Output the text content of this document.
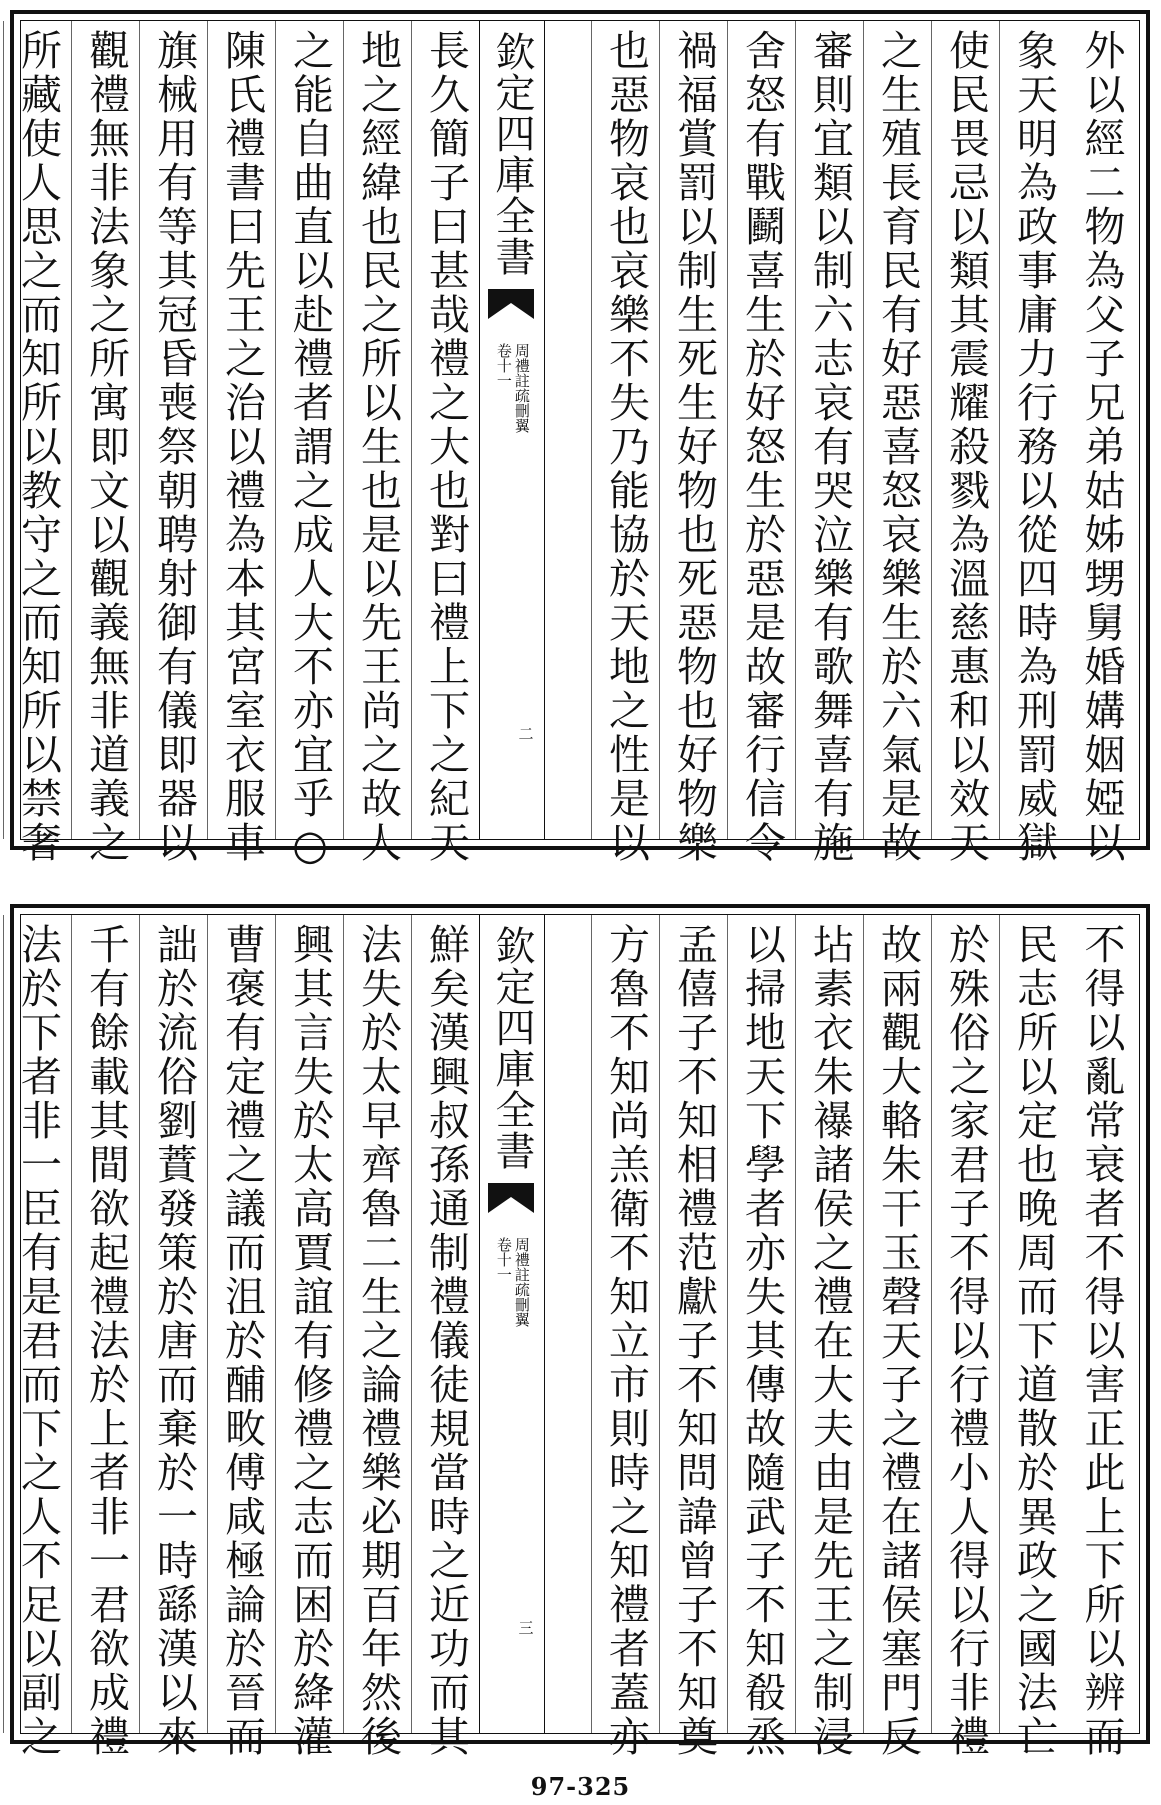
外以經二物為父子兄弟姑姊甥舅婚媾姻婭以
象天明為政事庸力行務以從四時為刑罰威獄
使民畏忌以類其震耀殺戮為溫慈惠和以效天
之生殖長育民有好惡喜怒哀樂生於六氣是故
審則宜類以制六志哀有哭泣樂有歌舞喜有施
舍怒有戰鬬喜生於好怒生於惡是故審行信令
禍福賞罰以制生死生好物也死惡物也好物樂
也惡物哀也哀樂不失乃能協於天地之性是以
長久簡子曰甚哉禮之大也對曰禮上下之紀天
地之經緯也民之所以生也是以先王尚之故人
之能自曲直以赴禮者謂之成人大不亦宜乎○
陳氏禮書曰先王之治以禮為本其宮室衣服車
旗械用有等其冠昏喪祭朝聘射御有儀即器以
觀禮無非法象之所寓即文以觀義無非道義之
所藏使人思之而知所以教守之而知所以禁奢	欽定四庫全書
周禮註疏刪翼
卷十一
二
不得以亂常衰者不得以害正此上下所以辨而
民志所以定也晚周而下道散於異政之國法亡
於殊俗之家君子不得以行禮小人得以行非禮
故兩觀大輅朱干玉磬天子之禮在諸侯塞門反
坫素衣朱襮諸侯之禮在大夫由是先王之制浸
以掃地天下學者亦失其傳故隨武子不知殽烝
孟僖子不知相禮范獻子不知問諱曾子不知奠
方魯不知尚羔衛不知立市則時之知禮者蓋亦
鮮矣漢興叔孫通制禮儀徒規當時之近功而其
法失於太早齊魯二生之論禮樂必期百年然後
興其言失於太高賈誼有修禮之志而困於絳灌
曹褒有定禮之議而沮於酺畋傅咸極論於晉而
詘於流俗劉蕡發策於唐而棄於一時繇漢以來
千有餘載其間欲起禮法於上者非一君欲成禮
法於下者非一臣有是君而下之人不足以副之	欽定四庫全書
周禮註疏刪翼
卷十一
三
97-325
